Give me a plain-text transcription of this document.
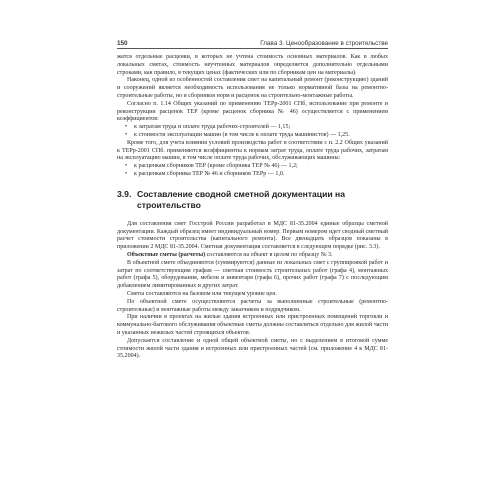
150	Глава 3. Ценообразование в строительстве

жатся отдельные расценки, в которых не учтена стоимость основных материалов. Как в любых локальных сметах, стоимость неучтенных материалов определяется дополнительно отдельными строками, как правило, в текущих ценах (фактических или по сборникам цен на материалы).

Наконец, одной из особенностей составления смет на капитальный ремонт (реконструкцию) зданий и сооружений является необходимость использования не только нормативной базы на ремонтно-строительные работы, но и сборников норм и расценок на строительно-монтажные работы.

Согласно п. 1.14 Общих указаний по применению ТЕРр-2001 СПб, использование при ремонте и реконструкции расценок ТЕР (кроме расценок сборника № 46) осуществляется с применением коэффициентов:

• к затратам труда и оплате труда рабочих-строителей — 1,15;
• к стоимости эксплуатации машин (в том числе к оплате труда машинистов) — 1,25.

Кроме того, для учета влияния условий производства работ в соответствии с п. 2.2 Общих указаний к ТЕРр-2001 СПб. применяются коэффициенты к нормам затрат труда, оплате труда рабочих, затратам на эксплуатацию машин, в том числе оплате труда рабочих, обслуживающих машины:

• к расценкам сборников ТЕР (кроме сборника ТЕР № 46) — 1,2;
• к расценкам сборника ТЕР № 46 и сборников ТЕРр — 1,0.
3.9. Составление сводной сметной документации на строительство

Для составления смет Госстрой России разработал в МДС 81-35.2004 единые образцы сметной документации. Каждый образец имеет индивидуальный номер. Первым номером идет сводный сметный расчет стоимости строительства (капитального ремонта). Все двенадцать образцов показаны в приложении 2 МДС 81-35.2004. Сметная документация составляется в следующем порядке (рис. 3.3).

Объектные сметы (расчеты) составляются на объект в целом по образцу № 3.

В объектной смете объединяются (суммируются) данные из локальных смет с группировкой работ и затрат по соответствующим графам — сметная стоимость строительных работ (графа 4), монтажных работ (графа 5), оборудования, мебели и инвентаря (графа 6), прочих работ (графа 7) с последующим добавлением лимитированных и других затрат.

Сметы составляются на базовом или текущем уровне цен.

По объектной смете осуществляются расчеты за выполненные строительные (ремонтно-строительные) и монтажные работы между заказчиком и подрядчиком.

При наличии в проектах на жилые здания встроенных или пристроенных помещений торговли и коммунально-бытового обслуживания объектные сметы должны составляться отдельно для жилой части и указанных нежилых частей строящихся объектов.

Допускается составление и одной общей объектной сметы, но с выделением в итоговой сумме стоимости жилой части здания и встроенных или пристроенных частей (см. приложение 4 к МДС 81-35.2004).
